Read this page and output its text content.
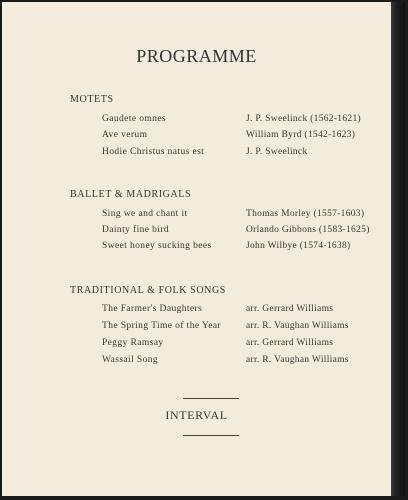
PROGRAMME
MOTETS
Gaudete omnes	J. P. Sweelinck (1562-1621)
Ave verum	William Byrd (1542-1623)
Hodie Christus natus est	J. P. Sweelinck
BALLET & MADRIGALS
Sing we and chant it	Thomas Morley (1557-1603)
Dainty fine bird	Orlando Gibbons (1583-1625)
Sweet honey sucking bees	John Wilbye (1574-1638)
TRADITIONAL & FOLK SONGS
The Farmer's Daughters	arr. Gerrard Williams
The Spring Time of the Year	arr. R. Vaughan Williams
Peggy Ramsay	arr. Gerrard Williams
Wassail Song	arr. R. Vaughan Williams
INTERVAL
